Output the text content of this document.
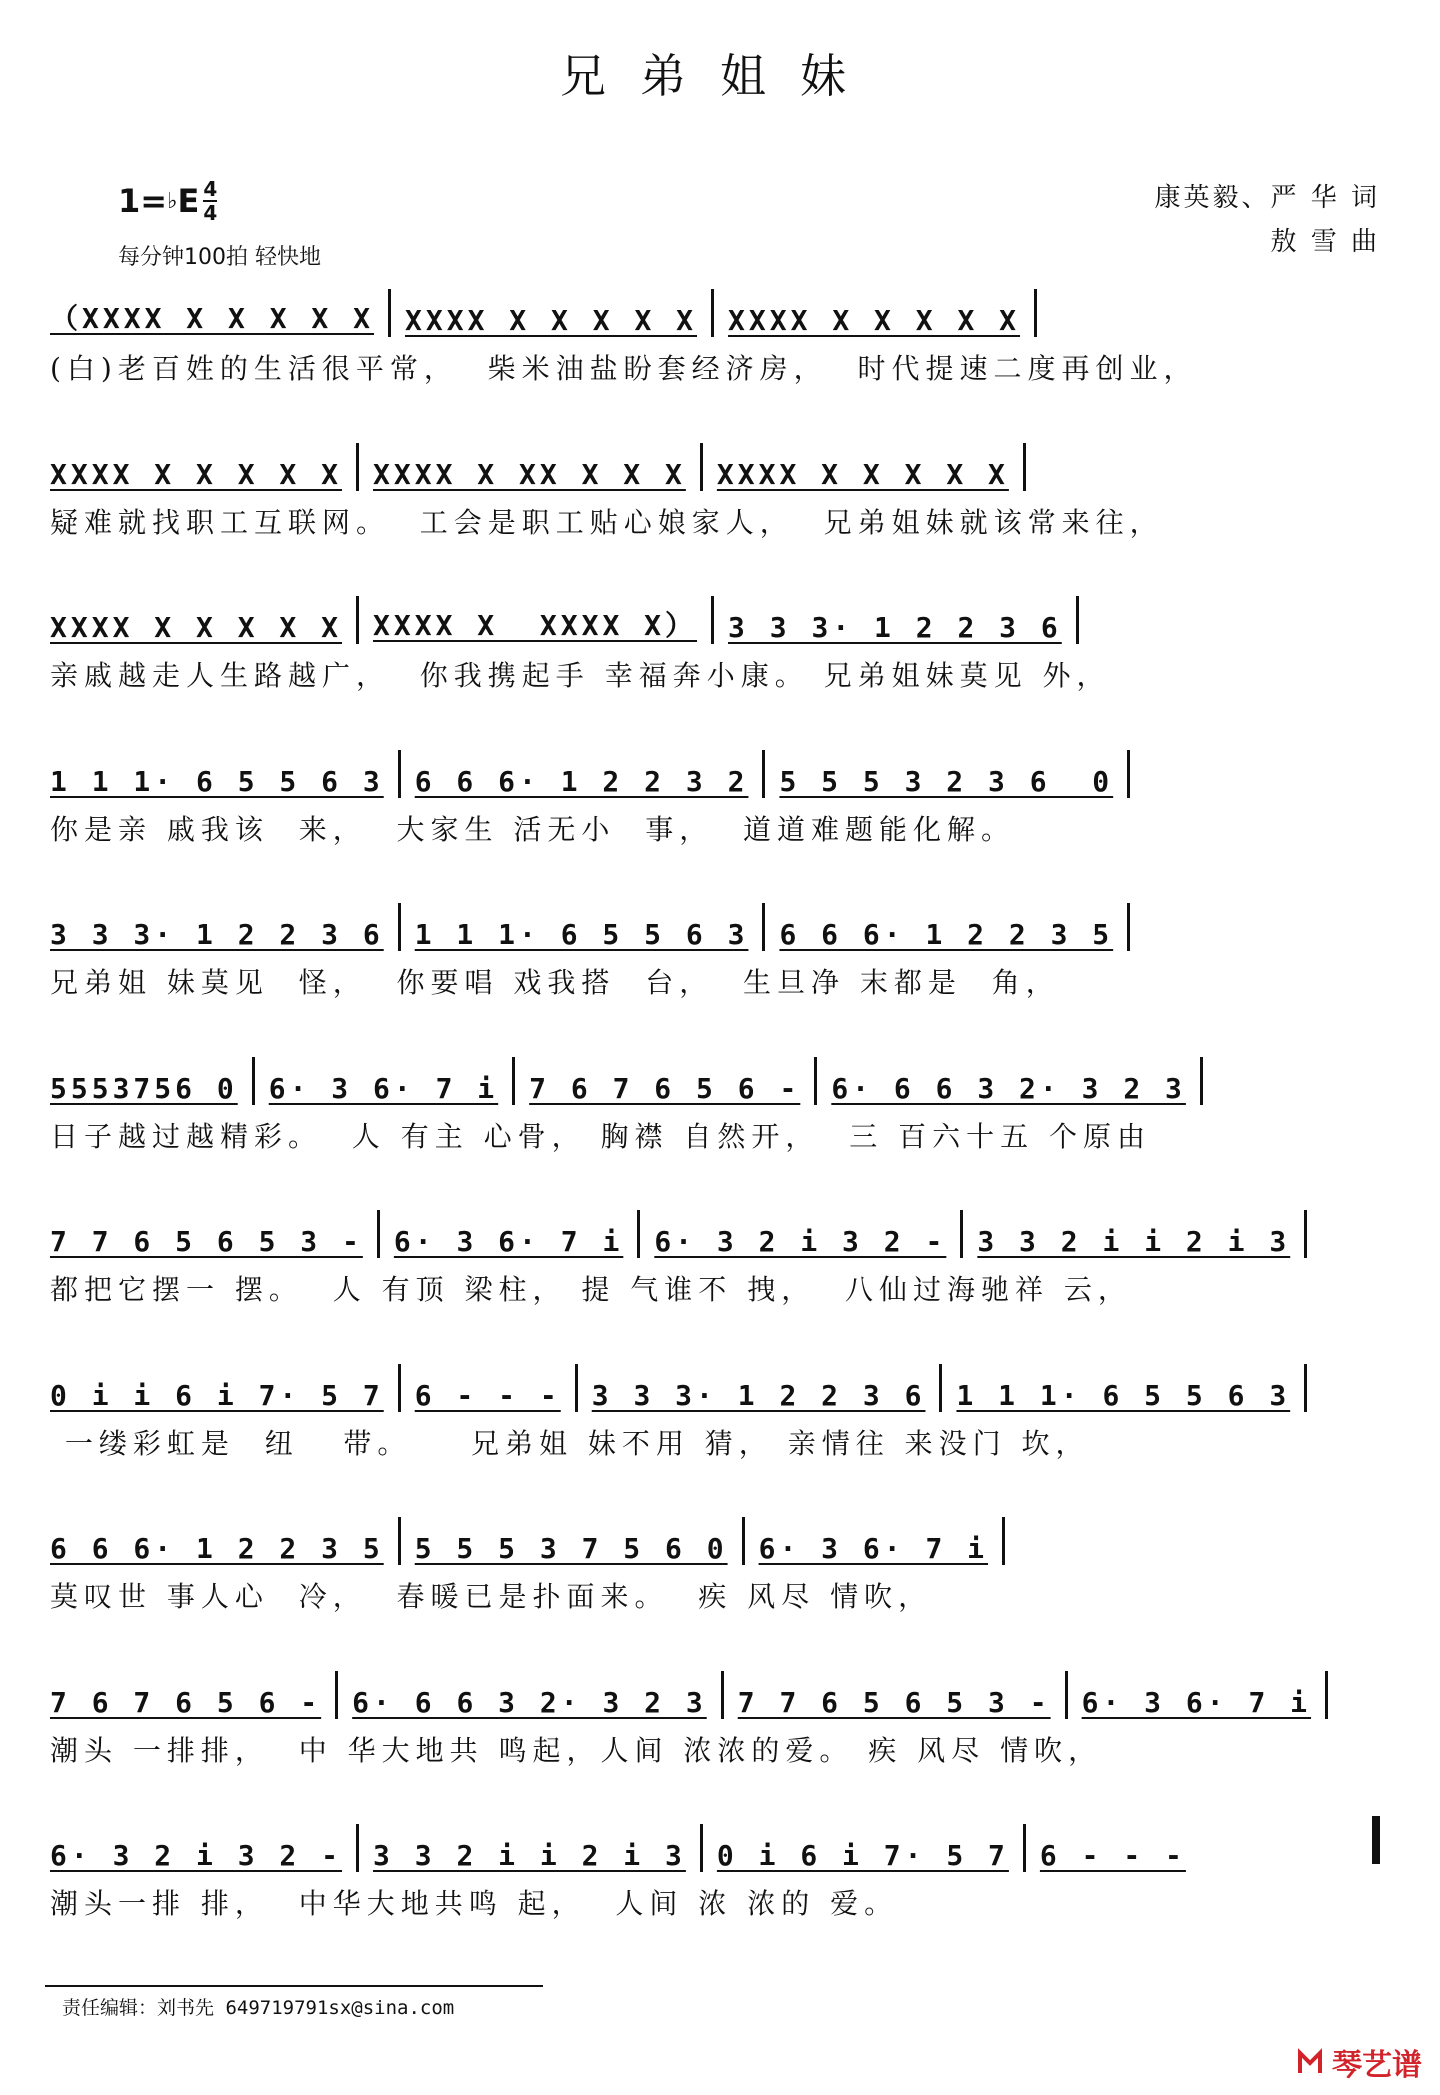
兄弟姐妹
1= ♭ E $\frac{4}{4}$
每分钟100拍 轻快地
康英毅、严 华 词
敖 雪 曲
（XXXX X X X X X XXXX X X X X X XXXX X X X X X
(白)老百姓的生活很平常，  柴米油盐盼套经济房，  时代提速二度再创业，
XXXX X X X X X XXXX X XX X X X XXXX X X X X X
疑难就找职工互联网。  工会是职工贴心娘家人，  兄弟姐妹就该常来往，
XXXX X X X X X XXXX X  XXXX X） 3 3 3· 1 2 2 3 6
亲戚越走人生路越广，  你我携起手 幸福奔小康。 兄弟姐妹莫见 外，
1 1 1· 6 5 5 6 3 6 6 6· 1 2 2 3 2 5 5 5 3 2 3 6  0
你是亲 戚我该  来，  大家生 活无小  事，  道道难题能化解。
3 3 3· 1 2 2 3 6 1 1 1· 6 5 5 6 3 6 6 6· 1 2 2 3 5
兄弟姐 妹莫见  怪，  你要唱 戏我搭  台，  生旦净 末都是  角，
5553756 0 6· 3 6· 7 i 7 6 7 6 5 6 - 6· 6 6 3 2· 3 2 3
日子越过越精彩。  人 有主 心骨， 胸襟 自然开，  三 百六十五 个原由
7 7 6 5 6 5 3 - 6· 3 6· 7 i 6· 3 2 i 3 2 - 3 3 2 i i 2 i 3
都把它摆一 摆。  人 有顶 梁柱， 提 气谁不 拽，  八仙过海驰祥 云，
0 i i 6 i 7· 5 7 6 - - - 3 3 3· 1 2 2 3 6 1 1 1· 6 5 5 6 3
一缕彩虹是  纽   带。    兄弟姐 妹不用 猜， 亲情往 来没门 坎，
6 6 6· 1 2 2 3 5 5 5 5 3 7 5 6 0 6· 3 6· 7 i
莫叹世 事人心  冷，  春暖已是扑面来。  疾 风尽 情吹，
7 6 7 6 5 6 - 6· 6 6 3 2· 3 2 3 7 7 6 5 6 5 3 - 6· 3 6· 7 i
潮头 一排排，  中 华大地共 鸣起，人间 浓浓的爱。 疾 风尽 情吹，
6· 3 2 i 3 2 - 3 3 2 i i 2 i 3 0 i 6 i 7· 5 7 6 - - -
潮头一排 排，  中华大地共鸣 起，  人间 浓 浓的 爱。
责任编辑：刘书先 649719791sx@sina.com
琴艺谱
